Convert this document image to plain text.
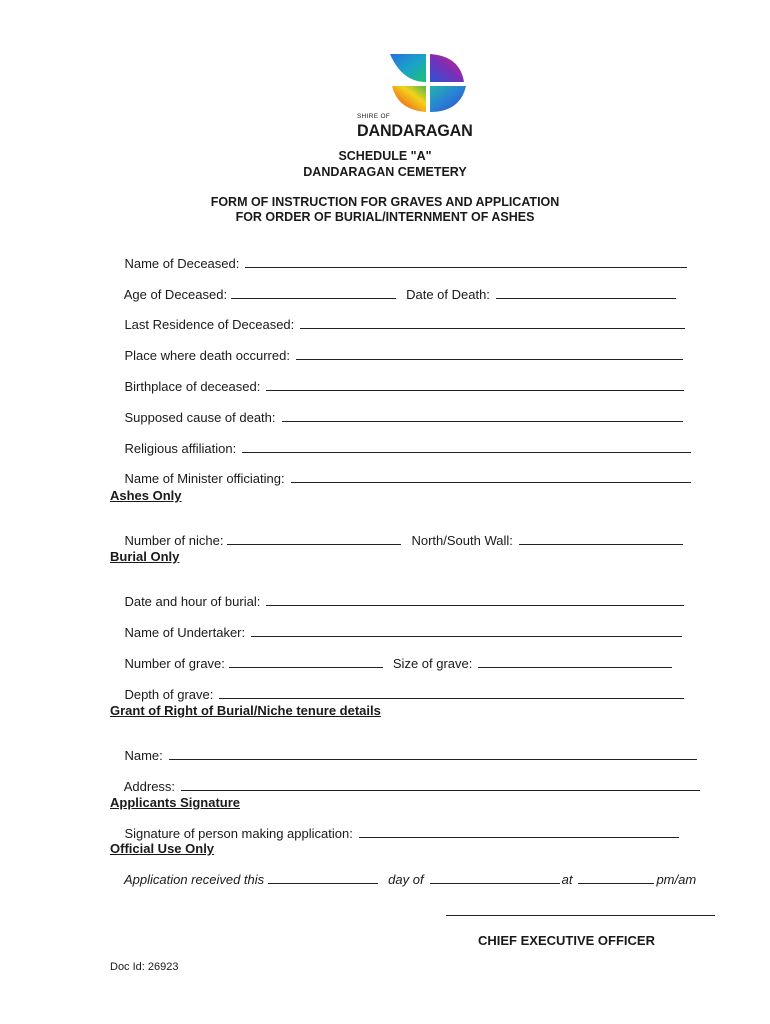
SHIRE OF
DANDARAGAN
SCHEDULE "A"
DANDARAGAN CEMETERY
FORM OF INSTRUCTION FOR GRAVES AND APPLICATION
FOR ORDER OF BURIAL/INTERNMENT OF ASHES

Name of Deceased:

Age of Deceased:	Date of Death:

Last Residence of Deceased:

Place where death occurred:

Birthplace of deceased:

Supposed cause of death:

Religious affiliation:

Name of Minister officiating:

Ashes Only

Number of niche:	North/South Wall:

Burial Only

Date and hour of burial:

Name of Undertaker:

Number of grave:	Size of grave:

Depth of grave:

Grant of Right of Burial/Niche tenure details

Name:

Address:

Applicants Signature

Signature of person making application:

Official Use Only

Application received this	day of	at	pm/am

CHIEF EXECUTIVE OFFICER
Doc Id: 26923
